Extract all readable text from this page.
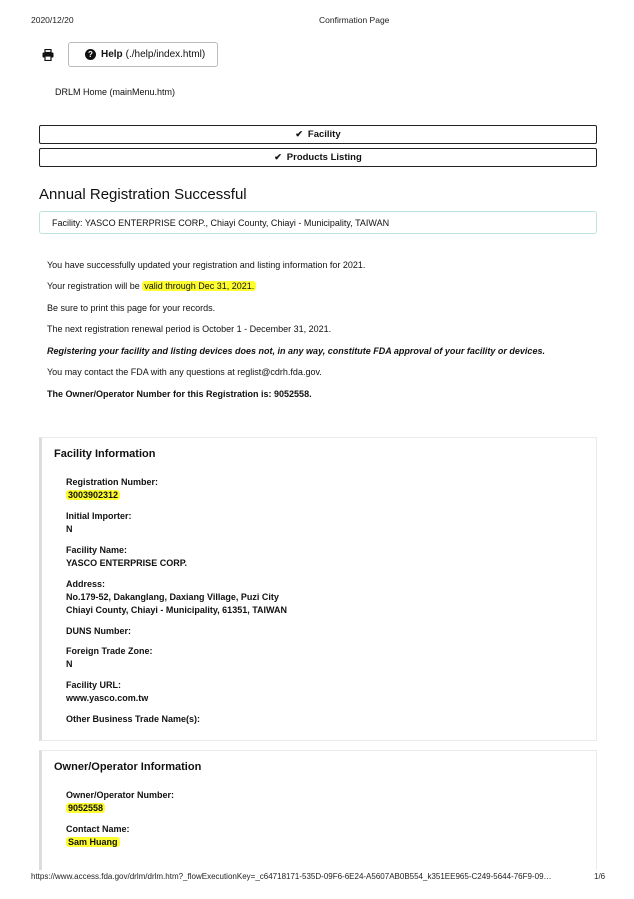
2020/12/20	Confirmation Page
? Help (./help/index.html)
DRLM Home (mainMenu.htm)
✔ Facility
✔ Products Listing
Annual Registration Successful
Facility: YASCO ENTERPRISE CORP., Chiayi County, Chiayi - Municipality, TAIWAN
You have successfully updated your registration and listing information for 2021.
Your registration will be valid through Dec 31, 2021.
Be sure to print this page for your records.
The next registration renewal period is October 1 - December 31, 2021.
Registering your facility and listing devices does not, in any way, constitute FDA approval of your facility or devices.
You may contact the FDA with any questions at reglist@cdrh.fda.gov.
The Owner/Operator Number for this Registration is: 9052558.
Facility Information
Registration Number:
3003902312
Initial Importer:
N
Facility Name:
YASCO ENTERPRISE CORP.
Address:
No.179-52, Dakanglang, Daxiang Village, Puzi City
Chiayi County, Chiayi - Municipality, 61351, TAIWAN
DUNS Number:
Foreign Trade Zone:
N
Facility URL:
www.yasco.com.tw
Other Business Trade Name(s):
Owner/Operator Information
Owner/Operator Number:
9052558
Contact Name:
Sam Huang
https://www.access.fda.gov/drlm/drlm.htm?_flowExecutionKey=_c64718171-535D-09F6-6E24-A5607AB0B554_k351EE965-C249-5644-76F9-09…	1/6
